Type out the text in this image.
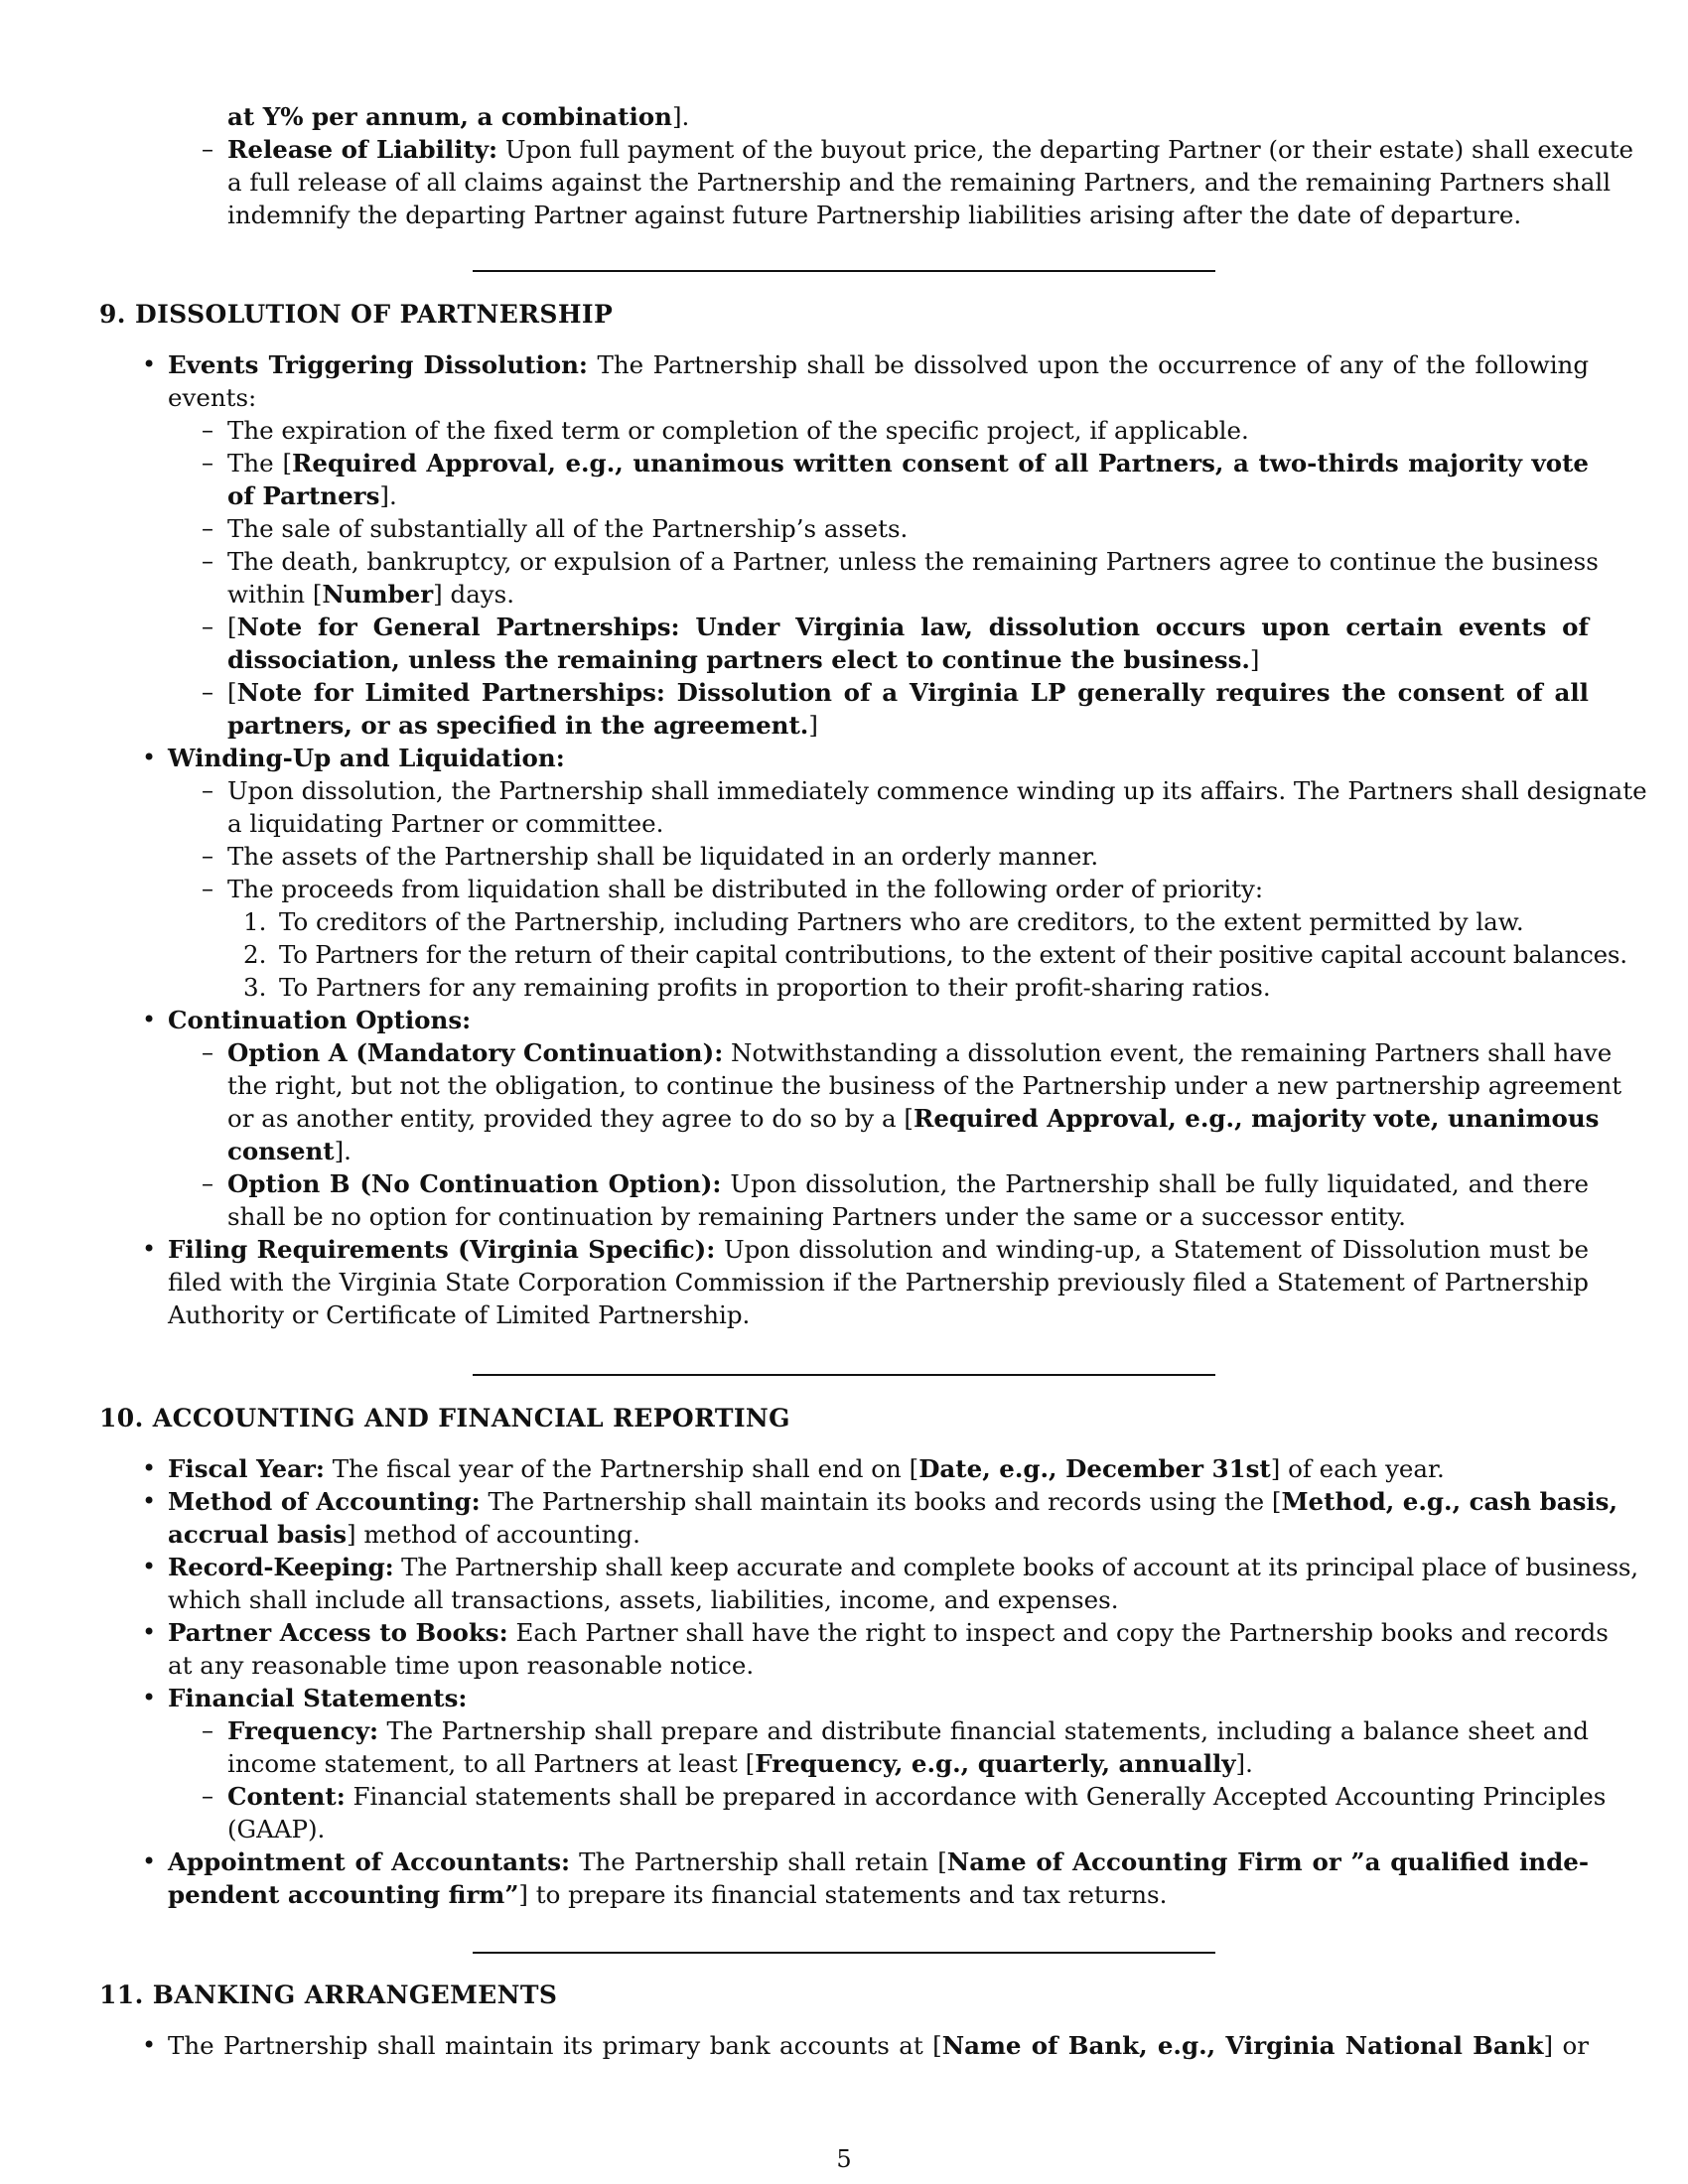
at Y% per annum, a combination].
– Release of Liability: Upon full payment of the buyout price, the departing Partner (or their estate) shall execute
a full release of all claims against the Partnership and the remaining Partners, and the remaining Partners shall
indemnify the departing Partner against future Partnership liabilities arising after the date of departure.
9. DISSOLUTION OF PARTNERSHIP
• Events Triggering Dissolution: The Partnership shall be dissolved upon the occurrence of any of the following
events:
– The expiration of the fixed term or completion of the specific project, if applicable.
– The [Required Approval, e.g., unanimous written consent of all Partners, a two-thirds majority vote
of Partners].
– The sale of substantially all of the Partnership’s assets.
– The death, bankruptcy, or expulsion of a Partner, unless the remaining Partners agree to continue the business
within [Number] days.
– [Note for General Partnerships: Under Virginia law, dissolution occurs upon certain events of
dissociation, unless the remaining partners elect to continue the business.]
– [Note for Limited Partnerships: Dissolution of a Virginia LP generally requires the consent of all
partners, or as specified in the agreement.]
• Winding-Up and Liquidation:
– Upon dissolution, the Partnership shall immediately commence winding up its affairs. The Partners shall designate
a liquidating Partner or committee.
– The assets of the Partnership shall be liquidated in an orderly manner.
– The proceeds from liquidation shall be distributed in the following order of priority:
1. To creditors of the Partnership, including Partners who are creditors, to the extent permitted by law.
2. To Partners for the return of their capital contributions, to the extent of their positive capital account balances.
3. To Partners for any remaining profits in proportion to their profit-sharing ratios.
• Continuation Options:
– Option A (Mandatory Continuation): Notwithstanding a dissolution event, the remaining Partners shall have
the right, but not the obligation, to continue the business of the Partnership under a new partnership agreement
or as another entity, provided they agree to do so by a [Required Approval, e.g., majority vote, unanimous
consent].
– Option B (No Continuation Option): Upon dissolution, the Partnership shall be fully liquidated, and there
shall be no option for continuation by remaining Partners under the same or a successor entity.
• Filing Requirements (Virginia Specific): Upon dissolution and winding-up, a Statement of Dissolution must be
filed with the Virginia State Corporation Commission if the Partnership previously filed a Statement of Partnership
Authority or Certificate of Limited Partnership.
10. ACCOUNTING AND FINANCIAL REPORTING
• Fiscal Year: The fiscal year of the Partnership shall end on [Date, e.g., December 31st] of each year.
• Method of Accounting: The Partnership shall maintain its books and records using the [Method, e.g., cash basis,
accrual basis] method of accounting.
• Record-Keeping: The Partnership shall keep accurate and complete books of account at its principal place of business,
which shall include all transactions, assets, liabilities, income, and expenses.
• Partner Access to Books: Each Partner shall have the right to inspect and copy the Partnership books and records
at any reasonable time upon reasonable notice.
• Financial Statements:
– Frequency: The Partnership shall prepare and distribute financial statements, including a balance sheet and
income statement, to all Partners at least [Frequency, e.g., quarterly, annually].
– Content: Financial statements shall be prepared in accordance with Generally Accepted Accounting Principles
(GAAP).
• Appointment of Accountants: The Partnership shall retain [Name of Accounting Firm or ”a qualified inde-
pendent accounting firm”] to prepare its financial statements and tax returns.
11. BANKING ARRANGEMENTS
• The Partnership shall maintain its primary bank accounts at [Name of Bank, e.g., Virginia National Bank] or
5
